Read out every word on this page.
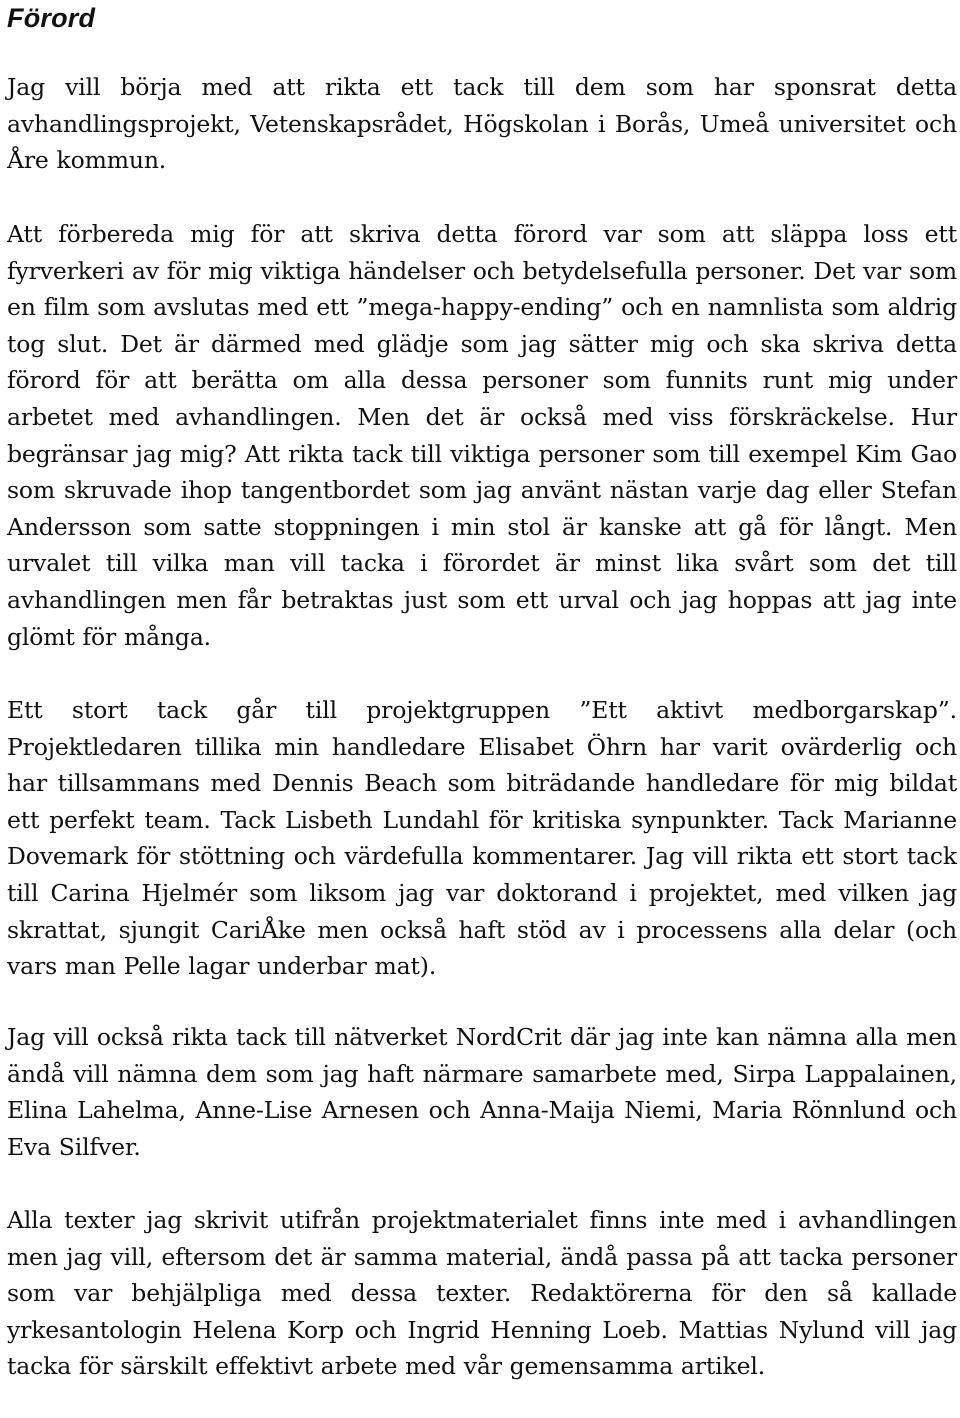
Förord

Jag vill börja med att rikta ett tack till dem som har sponsrat detta avhandlingsprojekt, Vetenskapsrådet, Högskolan i Borås, Umeå universitet och Åre kommun.

Att förbereda mig för att skriva detta förord var som att släppa loss ett fyrverkeri av för mig viktiga händelser och betydelsefulla personer. Det var som en film som avslutas med ett ”mega-happy-ending” och en namnlista som aldrig tog slut. Det är därmed med glädje som jag sätter mig och ska skriva detta förord för att berätta om alla dessa personer som funnits runt mig under arbetet med avhandlingen. Men det är också med viss förskräckelse. Hur begränsar jag mig? Att rikta tack till viktiga personer som till exempel Kim Gao som skruvade ihop tangentbordet som jag använt nästan varje dag eller Stefan Andersson som satte stoppningen i min stol är kanske att gå för långt. Men urvalet till vilka man vill tacka i förordet är minst lika svårt som det till avhandlingen men får betraktas just som ett urval och jag hoppas att jag inte glömt för många.

Ett stort tack går till projektgruppen ”Ett aktivt medborgarskap”. Projektledaren tillika min handledare Elisabet Öhrn har varit ovärderlig och har tillsammans med Dennis Beach som biträdande handledare för mig bildat ett perfekt team. Tack Lisbeth Lundahl för kritiska synpunkter. Tack Marianne Dovemark för stöttning och värdefulla kommentarer. Jag vill rikta ett stort tack till Carina Hjelmér som liksom jag var doktorand i projektet, med vilken jag skrattat, sjungit CariÅke men också haft stöd av i processens alla delar (och vars man Pelle lagar underbar mat).

Jag vill också rikta tack till nätverket NordCrit där jag inte kan nämna alla men ändå vill nämna dem som jag haft närmare samarbete med, Sirpa Lappalainen, Elina Lahelma, Anne-Lise Arnesen och Anna-Maija Niemi, Maria Rönnlund och Eva Silfver.

Alla texter jag skrivit utifrån projektmaterialet finns inte med i avhandlingen men jag vill, eftersom det är samma material, ändå passa på att tacka personer som var behjälpliga med dessa texter. Redaktörerna för den så kallade yrkesantologin Helena Korp och Ingrid Henning Loeb. Mattias Nylund vill jag tacka för särskilt effektivt arbete med vår gemensamma artikel.
